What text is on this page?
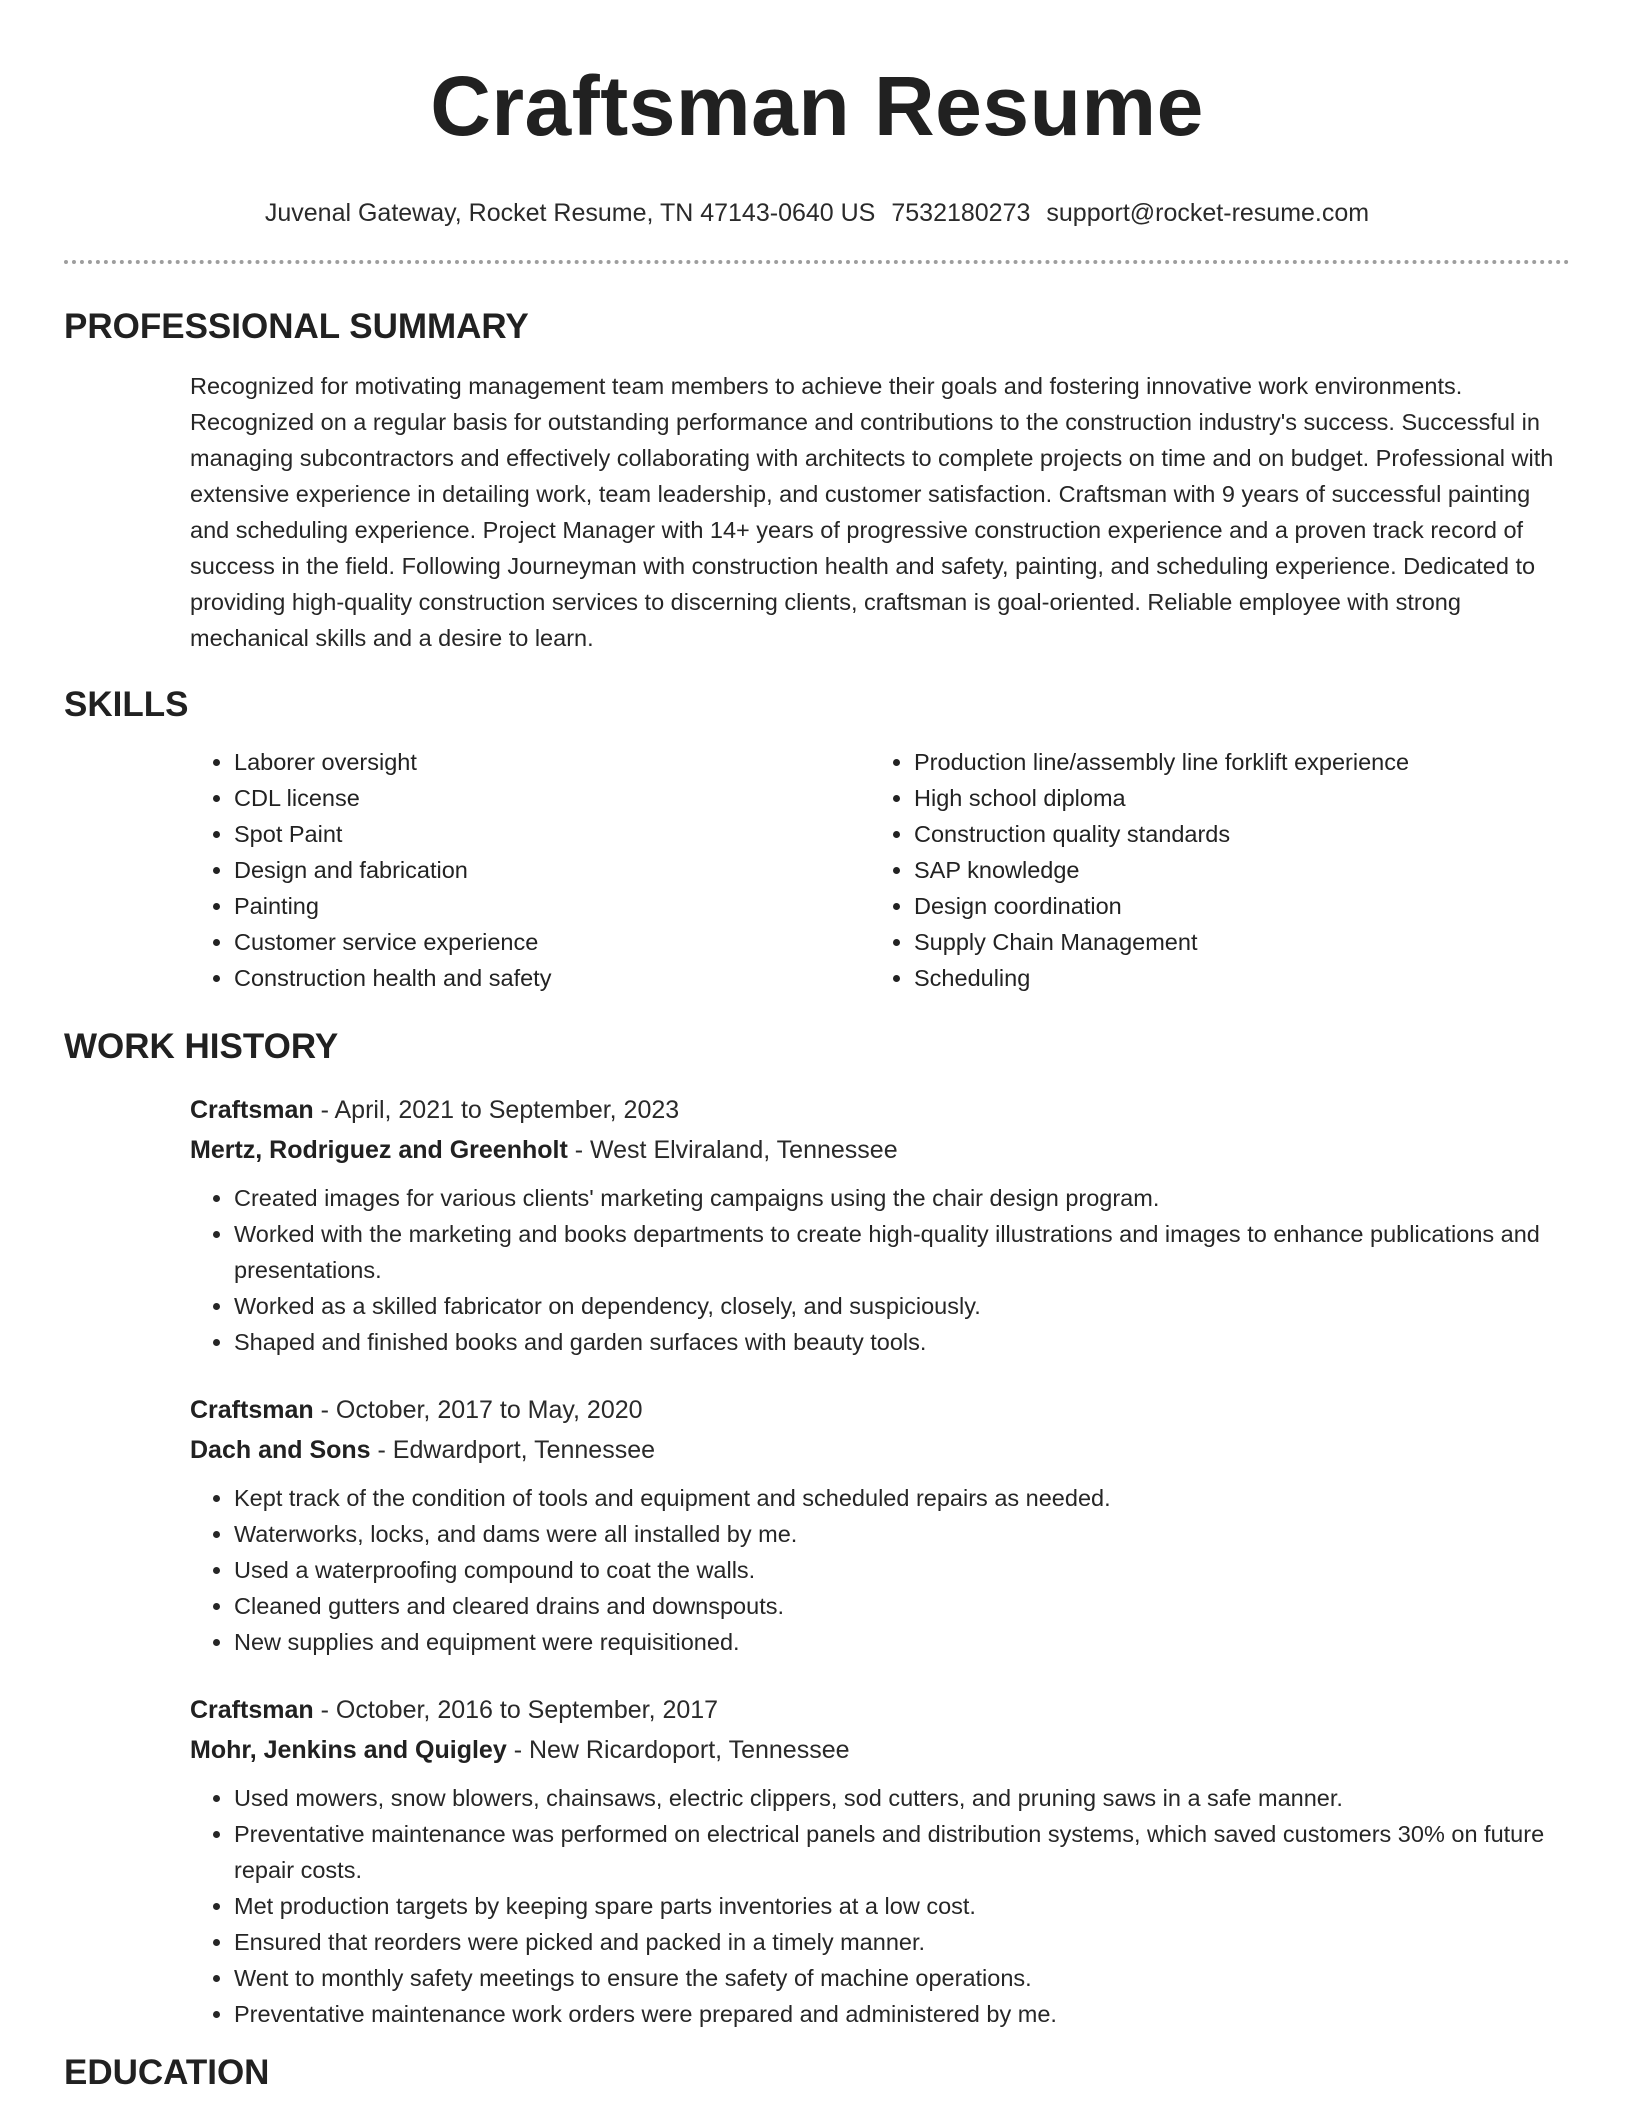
Craftsman Resume
Juvenal Gateway, Rocket Resume, TN 47143-0640 US 7532180273 support@rocket-resume.com
PROFESSIONAL SUMMARY

Recognized for motivating management team members to achieve their goals and fostering innovative work environments. Recognized on a regular basis for outstanding performance and contributions to the construction industry's success. Successful in managing subcontractors and effectively collaborating with architects to complete projects on time and on budget. Professional with extensive experience in detailing work, team leadership, and customer satisfaction. Craftsman with 9 years of successful painting and scheduling experience. Project Manager with 14+ years of progressive construction experience and a proven track record of success in the field. Following Journeyman with construction health and safety, painting, and scheduling experience. Dedicated to providing high-quality construction services to discerning clients, craftsman is goal-oriented. Reliable employee with strong mechanical skills and a desire to learn.

SKILLS
• Laborer oversight
• CDL license
• Spot Paint
• Design and fabrication
• Painting
• Customer service experience
• Construction health and safety
• Production line/assembly line forklift experience
• High school diploma
• Construction quality standards
• SAP knowledge
• Design coordination
• Supply Chain Management
• Scheduling
WORK HISTORY
Craftsman - April, 2021 to September, 2023
Mertz, Rodriguez and Greenholt - West Elviraland, Tennessee
• Created images for various clients' marketing campaigns using the chair design program.
• Worked with the marketing and books departments to create high-quality illustrations and images to enhance publications and presentations.
• Worked as a skilled fabricator on dependency, closely, and suspiciously.
• Shaped and finished books and garden surfaces with beauty tools.
Craftsman - October, 2017 to May, 2020
Dach and Sons - Edwardport, Tennessee
• Kept track of the condition of tools and equipment and scheduled repairs as needed.
• Waterworks, locks, and dams were all installed by me.
• Used a waterproofing compound to coat the walls.
• Cleaned gutters and cleared drains and downspouts.
• New supplies and equipment were requisitioned.
Craftsman - October, 2016 to September, 2017
Mohr, Jenkins and Quigley - New Ricardoport, Tennessee
• Used mowers, snow blowers, chainsaws, electric clippers, sod cutters, and pruning saws in a safe manner.
• Preventative maintenance was performed on electrical panels and distribution systems, which saved customers 30% on future repair costs.
• Met production targets by keeping spare parts inventories at a low cost.
• Ensured that reorders were picked and packed in a timely manner.
• Went to monthly safety meetings to ensure the safety of machine operations.
• Preventative maintenance work orders were prepared and administered by me.
EDUCATION
